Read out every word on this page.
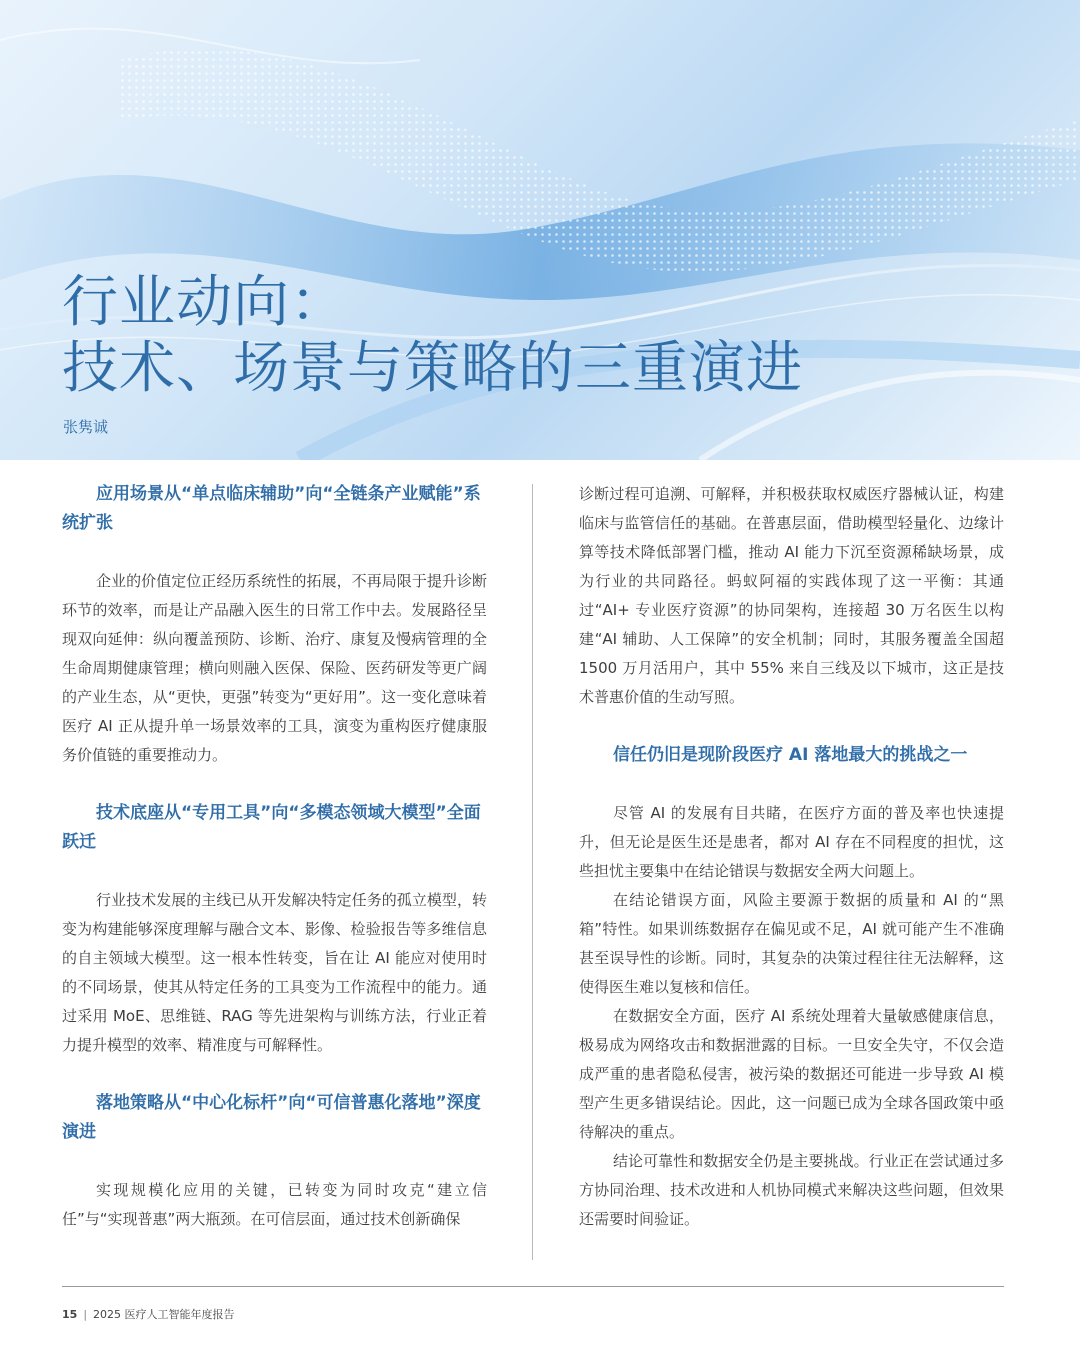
行业动向：
技术、场景与策略的三重演进
张隽诚
应用场景从“单点临床辅助”向“全链条产业赋能”系统扩张

企业的价值定位正经历系统性的拓展，不再局限于提升诊断环节的效率，而是让产品融入医生的日常工作中去。发展路径呈现双向延伸：纵向覆盖预防、诊断、治疗、康复及慢病管理的全生命周期健康管理；横向则融入医保、保险、医药研发等更广阔的产业生态，从“更快，更强”转变为“更好用”。这一变化意味着医疗 AI 正从提升单一场景效率的工具，演变为重构医疗健康服务价值链的重要推动力。

技术底座从“专用工具”向“多模态领域大模型”全面跃迁

行业技术发展的主线已从开发解决特定任务的孤立模型，转变为构建能够深度理解与融合文本、影像、检验报告等多维信息的自主领域大模型。这一根本性转变，旨在让 AI 能应对使用时的不同场景，使其从特定任务的工具变为工作流程中的能力。通过采用 MoE、思维链、RAG 等先进架构与训练方法，行业正着力提升模型的效率、精准度与可解释性。

落地策略从“中心化标杆”向“可信普惠化落地”深度演进

实现规模化应用的关键，已转变为同时攻克“建立信任”与“实现普惠”两大瓶颈。在可信层面，通过技术创新确保

诊断过程可追溯、可解释，并积极获取权威医疗器械认证，构建临床与监管信任的基础。在普惠层面，借助模型轻量化、边缘计算等技术降低部署门槛，推动 AI 能力下沉至资源稀缺场景，成为行业的共同路径。蚂蚁阿福的实践体现了这一平衡：其通过“AI+ 专业医疗资源”的协同架构，连接超 30 万名医生以构建“AI 辅助、人工保障”的安全机制；同时，其服务覆盖全国超 1500 万月活用户，其中 55% 来自三线及以下城市，这正是技术普惠价值的生动写照。

信任仍旧是现阶段医疗 AI 落地最大的挑战之一

尽管 AI 的发展有目共睹，在医疗方面的普及率也快速提升，但无论是医生还是患者，都对 AI 存在不同程度的担忧，这些担忧主要集中在结论错误与数据安全两大问题上。

在结论错误方面，风险主要源于数据的质量和 AI 的“黑箱”特性。如果训练数据存在偏见或不足，AI 就可能产生不准确甚至误导性的诊断。同时，其复杂的决策过程往往无法解释，这使得医生难以复核和信任。

在数据安全方面，医疗 AI 系统处理着大量敏感健康信息，极易成为网络攻击和数据泄露的目标。一旦安全失守，不仅会造成严重的患者隐私侵害，被污染的数据还可能进一步导致 AI 模型产生更多错误结论。因此，这一问题已成为全球各国政策中亟待解决的重点。

结论可靠性和数据安全仍是主要挑战。行业正在尝试通过多方协同治理、技术改进和人机协同模式来解决这些问题，但效果还需要时间验证。

15 | 2025 医疗人工智能年度报告
